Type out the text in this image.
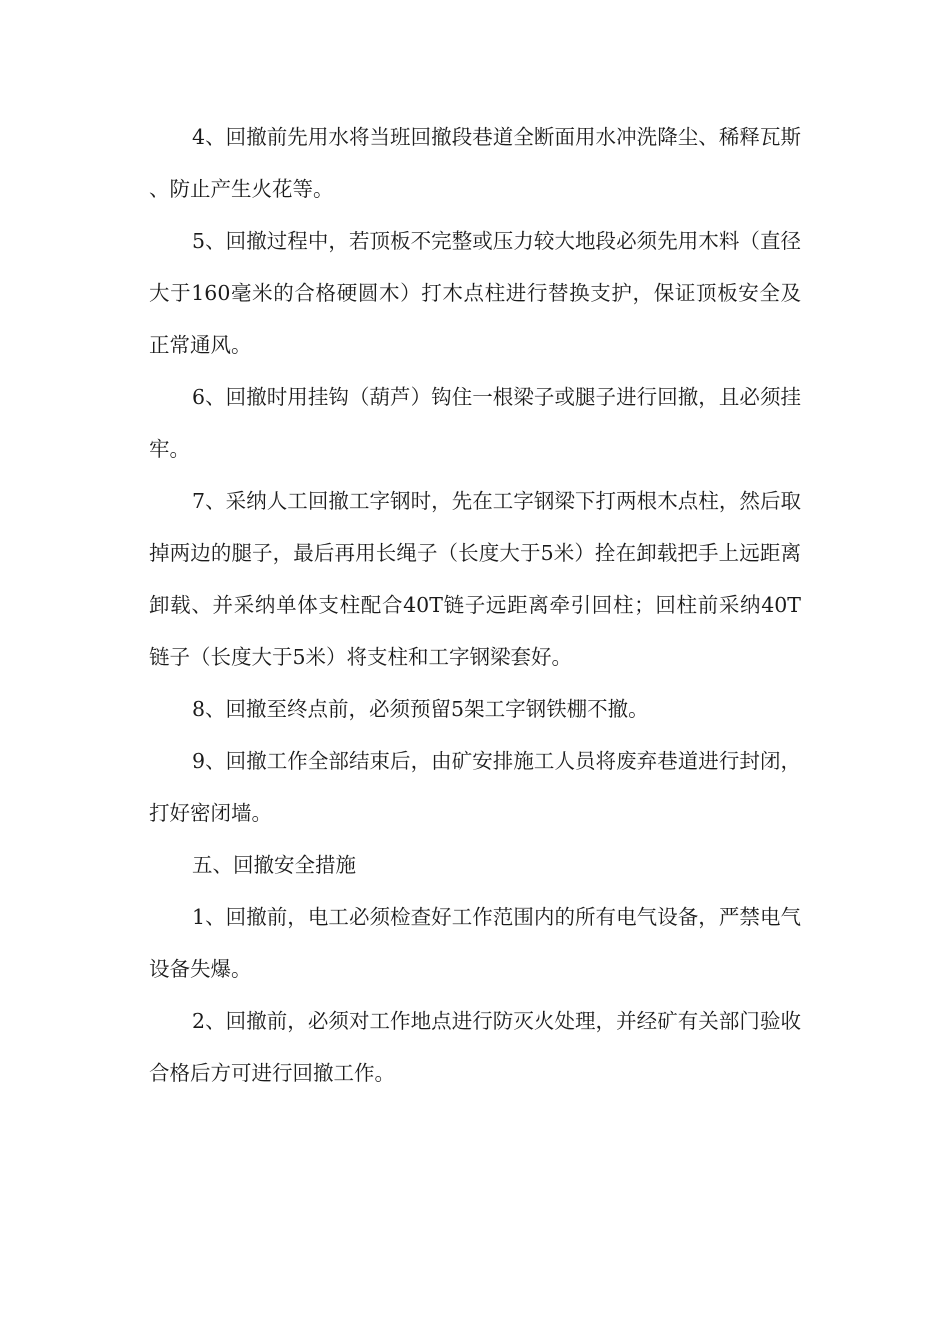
4、回撤前先用水将当班回撤段巷道全断面用水冲洗降尘、稀释瓦斯、防止产生火花等。

5、回撤过程中，若顶板不完整或压力较大地段必须先用木料（直径大于160毫米的合格硬圆木）打木点柱进行替换支护，保证顶板安全及正常通风。

6、回撤时用挂钩（葫芦）钩住一根梁子或腿子进行回撤，且必须挂牢。

7、采纳人工回撤工字钢时，先在工字钢梁下打两根木点柱，然后取掉两边的腿子，最后再用长绳子（长度大于5米）拴在卸载把手上远距离卸载、并采纳单体支柱配合40T链子远距离牵引回柱；回柱前采纳40T链子（长度大于5米）将支柱和工字钢梁套好。

8、回撤至终点前，必须预留5架工字钢铁棚不撤。

9、回撤工作全部结束后，由矿安排施工人员将废弃巷道进行封闭，打好密闭墙。

五、回撤安全措施

1、回撤前，电工必须检查好工作范围内的所有电气设备，严禁电气设备失爆。

2、回撤前，必须对工作地点进行防灭火处理，并经矿有关部门验收合格后方可进行回撤工作。
